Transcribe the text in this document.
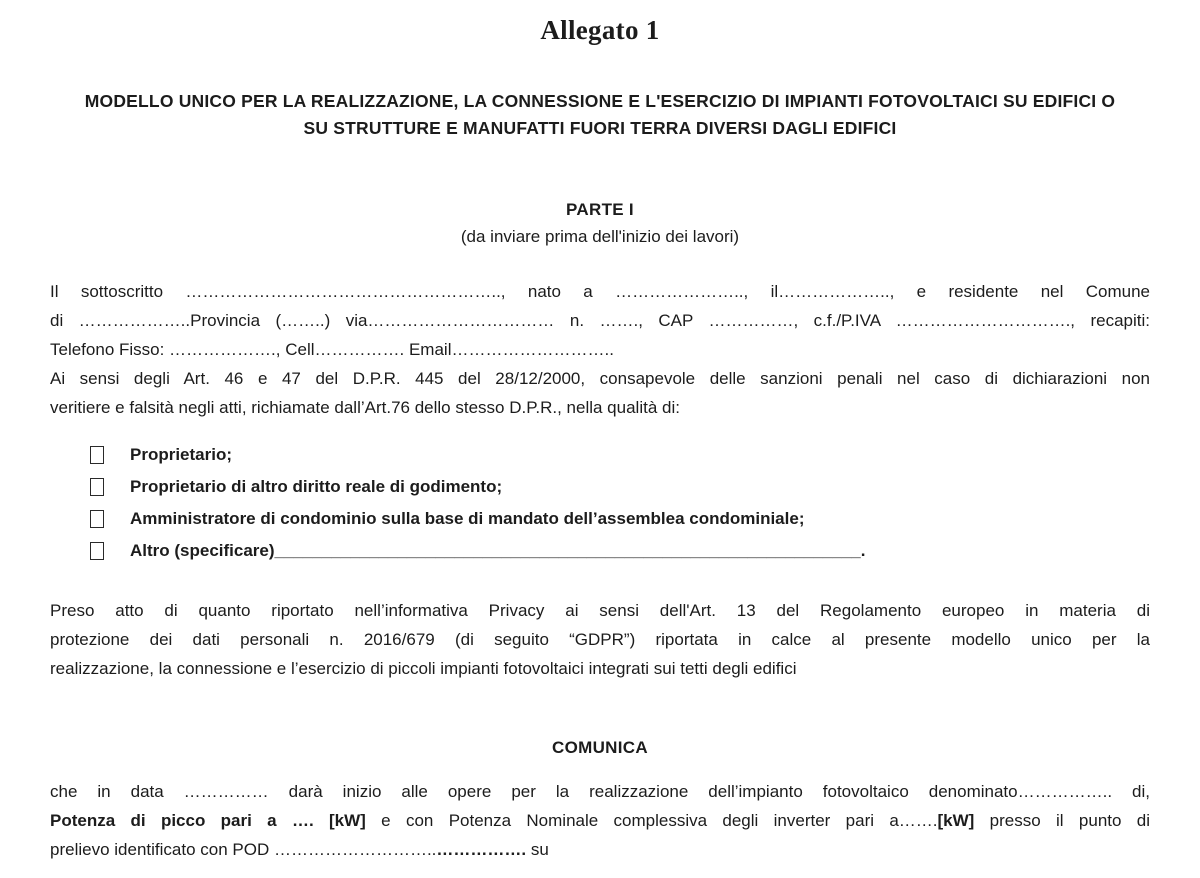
Allegato 1
MODELLO UNICO PER LA REALIZZAZIONE, LA CONNESSIONE E L'ESERCIZIO DI IMPIANTI FOTOVOLTAICI SU EDIFICI O
SU STRUTTURE E MANUFATTI FUORI TERRA DIVERSI DAGLI EDIFICI
PARTE I
(da inviare prima dell'inizio dei lavori)
Il sottoscritto ……………………………………………….., nato a ………………….., il……………….., e residente nel Comune
di ………………..Provincia (……..) via…………………………… n. ……., CAP ……………, c.f./P.IVA …………………………., recapiti:
Telefono Fisso: ………………., Cell……………. Email………………………..
Ai sensi degli Art. 46 e 47 del D.P.R. 445 del 28/12/2000, consapevole delle sanzioni penali nel caso di dichiarazioni non
veritiere e falsità negli atti, richiamate dall’Art.76 dello stesso D.P.R., nella qualità di:
Proprietario;
Proprietario di altro diritto reale di godimento;
Amministratore di condominio sulla base di mandato dell’assemblea condominiale;
Altro (specificare)______________________________________________________________.
Preso atto di quanto riportato nell’informativa Privacy ai sensi dell'Art. 13 del Regolamento europeo in materia di
protezione dei dati personali n. 2016/679 (di seguito “GDPR”) riportata in calce al presente modello unico per la
realizzazione, la connessione e l’esercizio di piccoli impianti fotovoltaici integrati sui tetti degli edifici
COMUNICA
che in data …………… darà inizio alle opere per la realizzazione dell’impianto fotovoltaico denominato…………….. di,
Potenza di picco pari a …. [kW] e con Potenza Nominale complessiva degli inverter pari a…….[kW] presso il punto di
prelievo identificato con POD ………………………..……………. su
